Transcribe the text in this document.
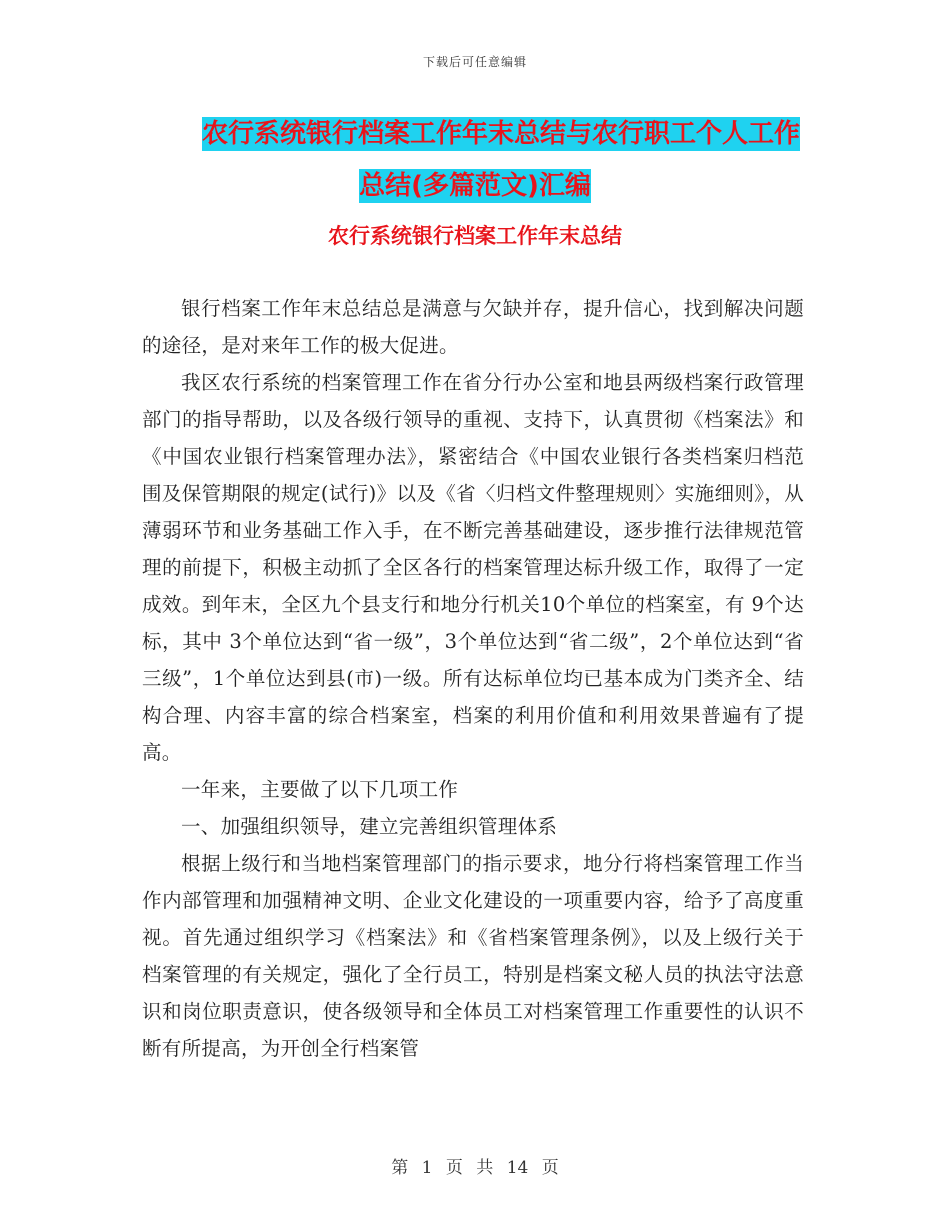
下载后可任意编辑
农行系统银行档案工作年末总结与农行职工个人工作
总结(多篇范文)汇编
农行系统银行档案工作年末总结

银行档案工作年末总结总是满意与欠缺并存，提升信心，找到解决问题的途径，是对来年工作的极大促进。

我区农行系统的档案管理工作在省分行办公室和地县两级档案行政管理部门的指导帮助，以及各级行领导的重视、支持下，认真贯彻《档案法》和《中国农业银行档案管理办法》，紧密结合《中国农业银行各类档案归档范围及保管期限的规定(试行)》以及《省〈归档文件整理规则〉实施细则》，从薄弱环节和业务基础工作入手，在不断完善基础建设，逐步推行法律规范管理的前提下，积极主动抓了全区各行的档案管理达标升级工作，取得了一定成效。到年末，全区九个县支行和地分行机关10个单位的档案室，有 9个达标，其中 3个单位达到“省一级”，3个单位达到“省二级”，2个单位达到“省三级”，1个单位达到县(市)一级。所有达标单位均已基本成为门类齐全、结构合理、内容丰富的综合档案室，档案的利用价值和利用效果普遍有了提高。

一年来，主要做了以下几项工作

一、加强组织领导，建立完善组织管理体系

根据上级行和当地档案管理部门的指示要求，地分行将档案管理工作当作内部管理和加强精神文明、企业文化建设的一项重要内容，给予了高度重视。首先通过组织学习《档案法》和《省档案管理条例》，以及上级行关于档案管理的有关规定，强化了全行员工，特别是档案文秘人员的执法守法意识和岗位职责意识，使各级领导和全体员工对档案管理工作重要性的认识不断有所提高，为开创全行档案管

第 1 页 共 14 页
